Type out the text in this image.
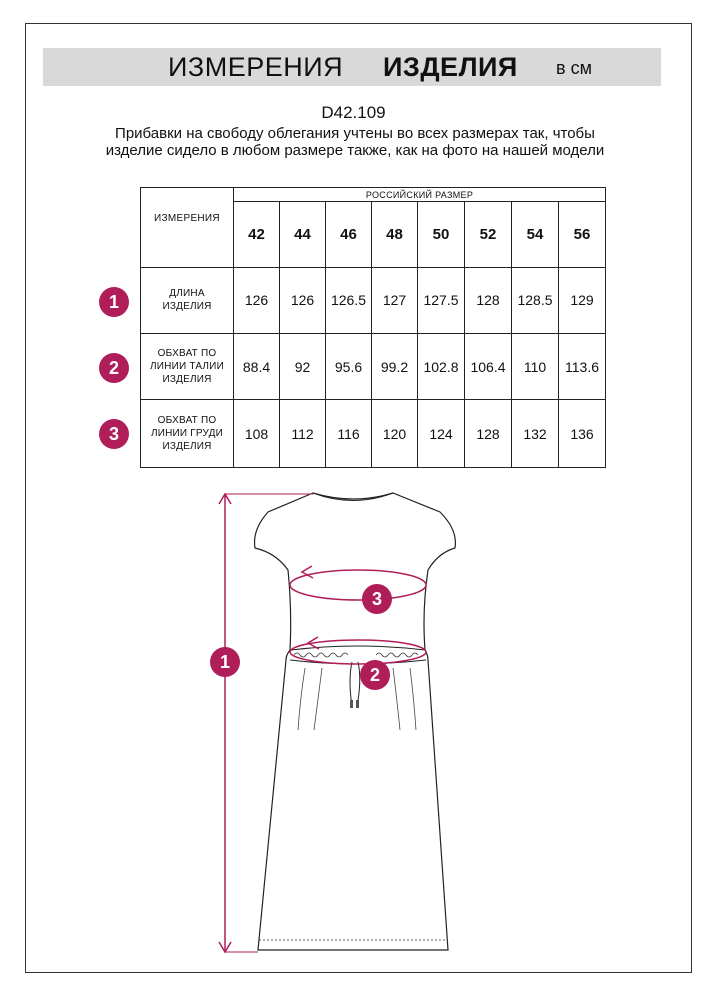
ИЗМЕРЕНИЯ ИЗДЕЛИЯ в см
D42.109
Прибавки на свободу облегания учтены во всех размерах так, чтобы изделие сидело в любом размере также, как на фото на нашей модели
ИЗМЕРЕНИЯ	РОССИЙСКИЙ РАЗМЕР							
	42	44	46	48	50	52	54	56

ДЛИНА
ИЗДЕЛИЯ	126	126	126.5	127	127.5	128	128.5	129

ОБХВАТ ПО
ЛИНИИ ТАЛИИ
ИЗДЕЛИЯ	88.4	92	95.6	99.2	102.8	106.4	110	113.6

ОБХВАТ ПО
ЛИНИИ ГРУДИ
ИЗДЕЛИЯ	108	112	116	120	124	128	132	136
1
2
3
1
2
3
